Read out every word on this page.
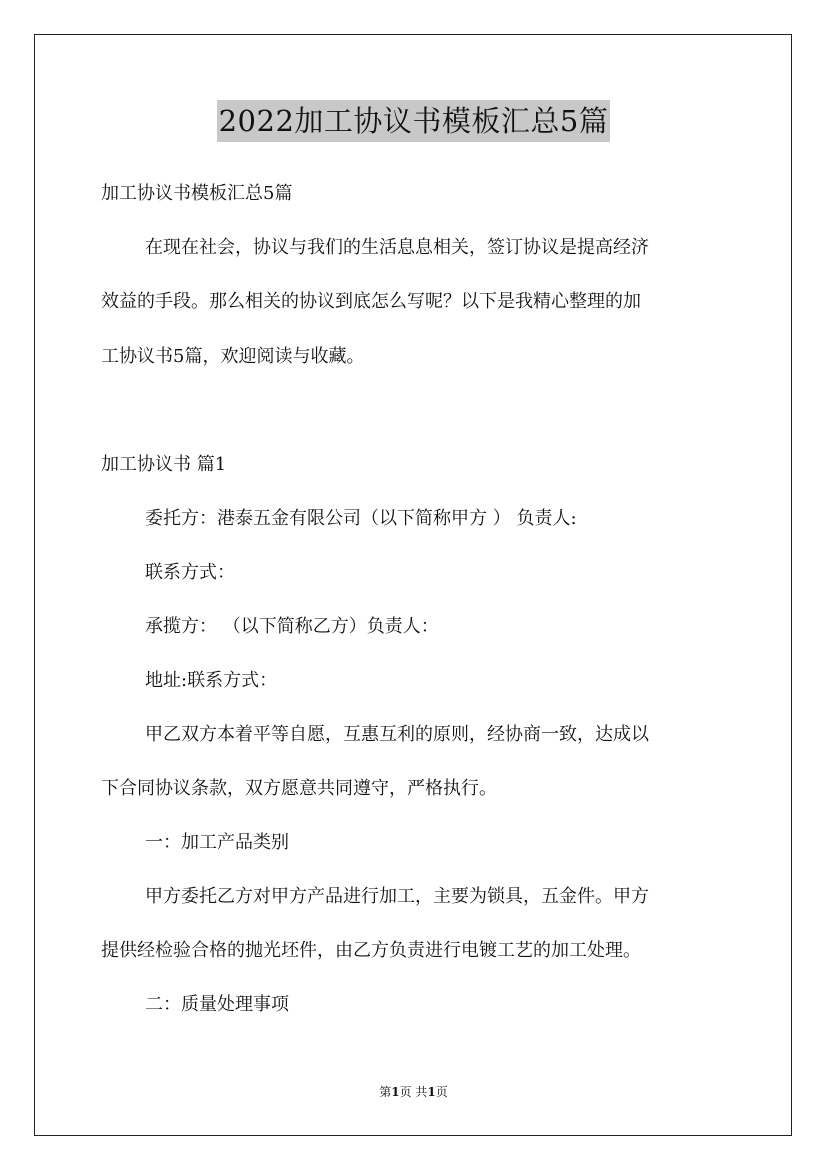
2022加工协议书模板汇总5篇
加工协议书模板汇总5篇
在现在社会，协议与我们的生活息息相关，签订协议是提高经济
效益的手段。那么相关的协议到底怎么写呢？以下是我精心整理的加
工协议书5篇，欢迎阅读与收藏。
加工协议书 篇1
委托方：港泰五金有限公司（以下简称甲方 ） 负责人:
联系方式：
承揽方： （以下简称乙方）负责人：
地址:联系方式：
甲乙双方本着平等自愿，互惠互利的原则，经协商一致，达成以
下合同协议条款，双方愿意共同遵守，严格执行。
一：加工产品类别
甲方委托乙方对甲方产品进行加工，主要为锁具，五金件。甲方
提供经检验合格的抛光坯件，由乙方负责进行电镀工艺的加工处理。
二：质量处理事项
第1页 共1页
